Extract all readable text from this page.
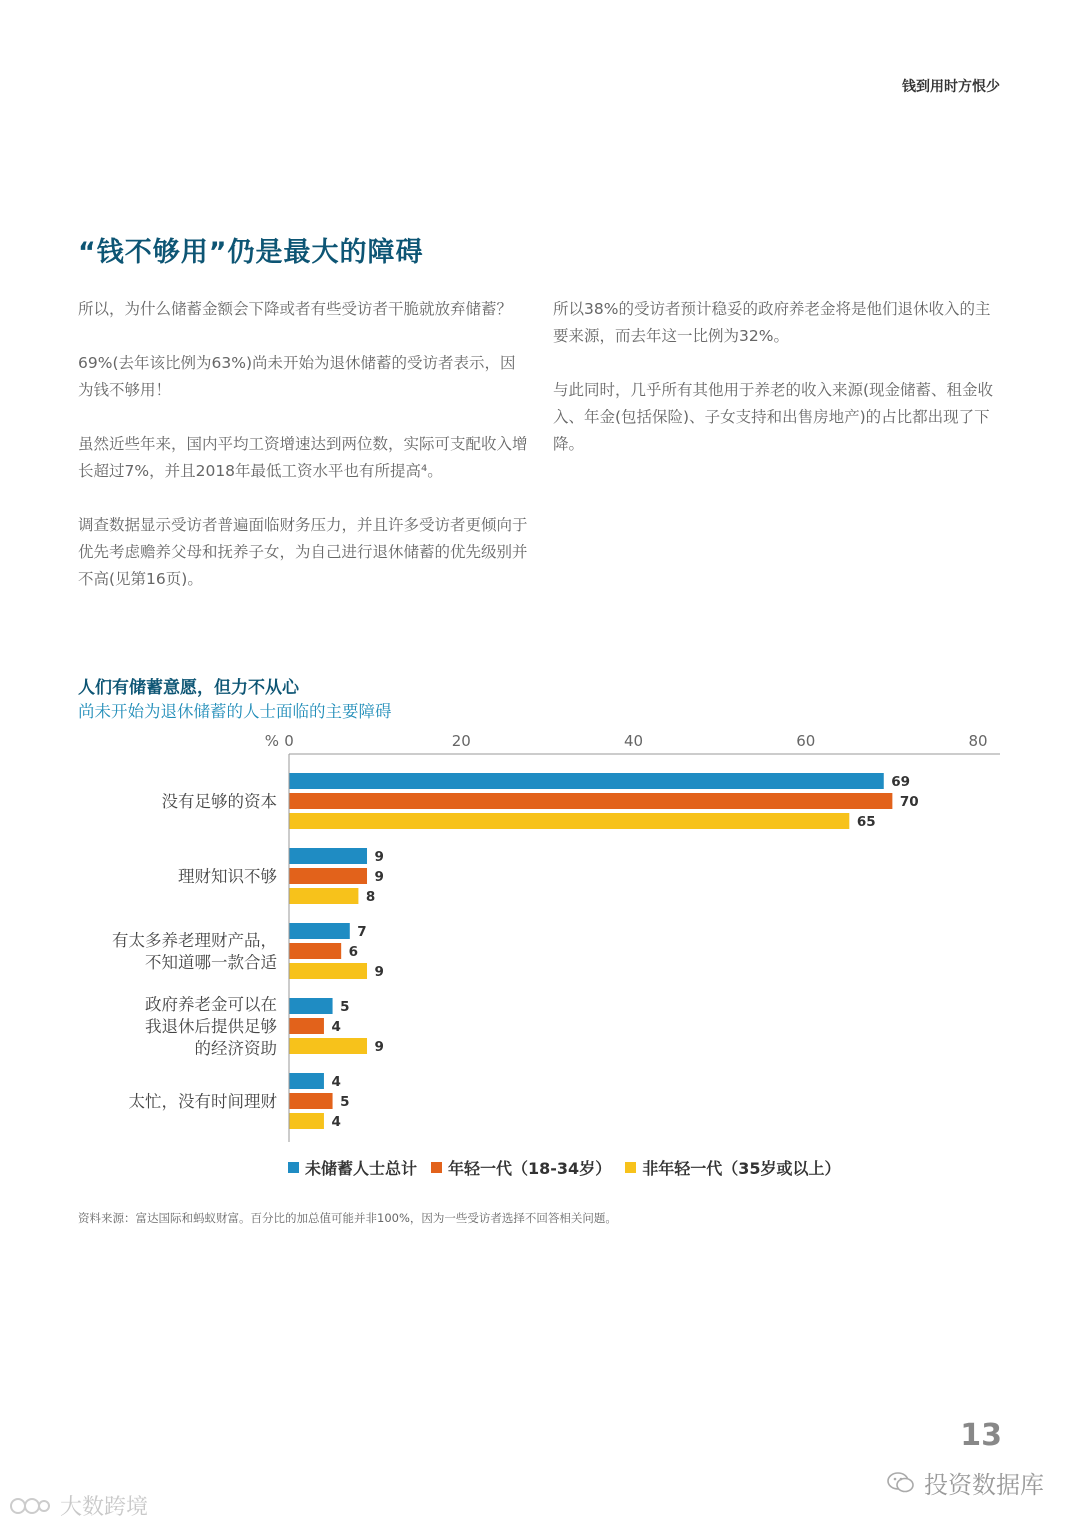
钱到用时方恨少
“钱不够用”仍是最大的障碍

所以，为什么储蓄金额会下降或者有些受访者干脆就放弃储蓄？

69%(去年该比例为63%)尚未开始为退休储蓄的受访者表示，因为钱不够用！

虽然近些年来，国内平均工资增速达到两位数，实际可支配收入增长超过7%，并且2018年最低工资水平也有所提高⁴。

调查数据显示受访者普遍面临财务压力，并且许多受访者更倾向于优先考虑赡养父母和抚养子女，为自己进行退休储蓄的优先级别并不高(见第16页)。

所以38%的受访者预计稳妥的政府养老金将是他们退休收入的主要来源，而去年这一比例为32%。

与此同时，几乎所有其他用于养老的收入来源(现金储蓄、租金收入、年金(包括保险)、子女支持和出售房地产)的占比都出现了下降。

人们有储蓄意愿，但力不从心
尚未开始为退休储蓄的人士面临的主要障碍
% 0	20	40	60	80
69
70
65
没有足够的资本
9
9
8
理财知识不够
7
6
9
有太多养老理财产品，
不知道哪一款合适
5
4
9
政府养老金可以在
我退休后提供足够
的经济资助
4
5
4
太忙，没有时间理财
未储蓄人士总计 年轻一代（18-34岁） 非年轻一代（35岁或以上）
资料来源：富达国际和蚂蚁财富。百分比的加总值可能并非100%，因为一些受访者选择不回答相关问题。
13
投资数据库
大数跨境
